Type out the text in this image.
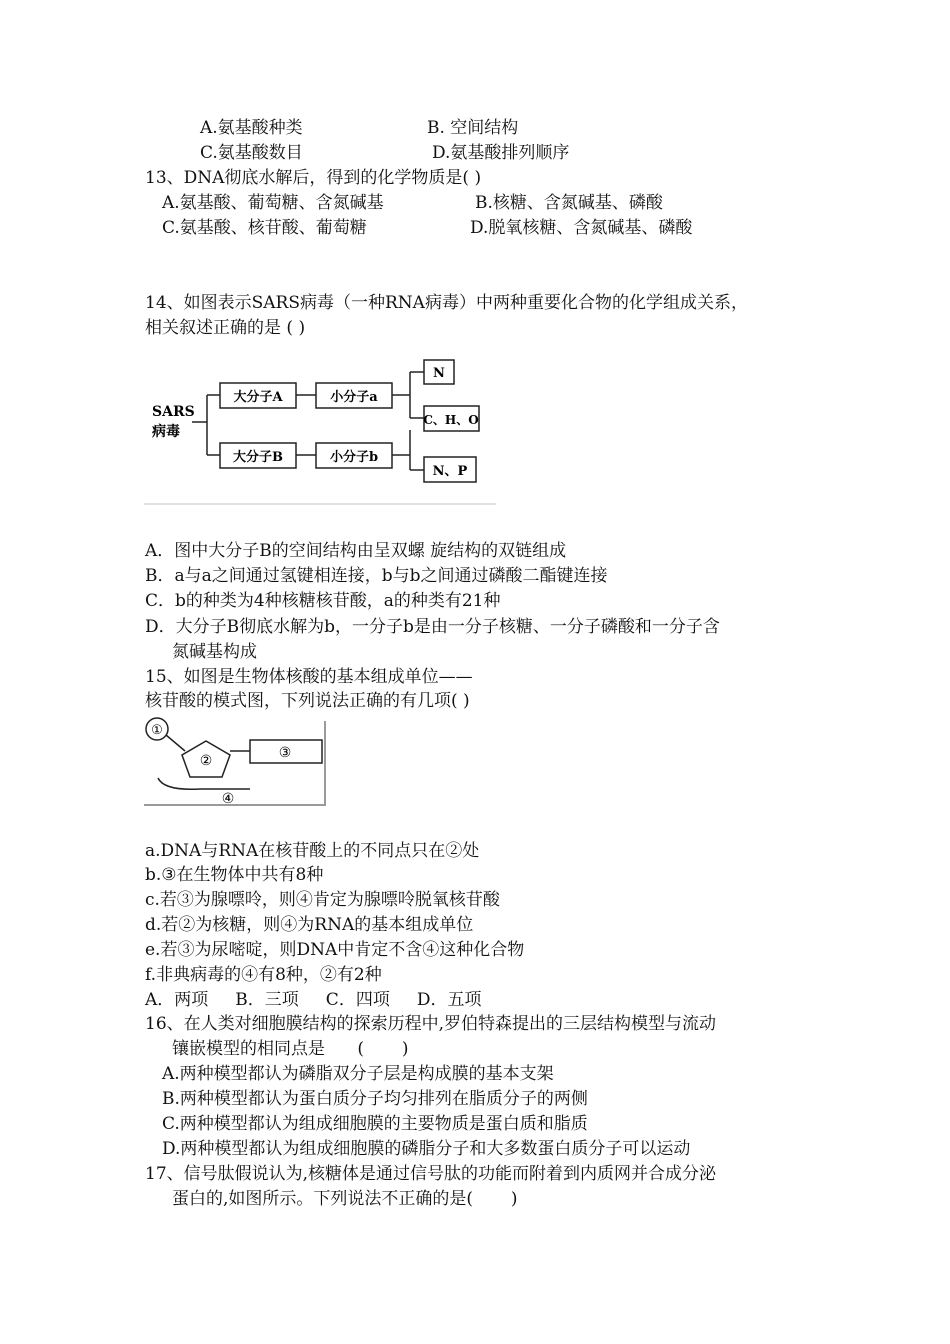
A.氨基酸种类	B. 空间结构
C.氨基酸数目	D.氨基酸排列顺序
13、DNA彻底水解后，得到的化学物质是( )
A.氨基酸、葡萄糖、含氮碱基	B.核糖、含氮碱基、磷酸
C.氨基酸、核苷酸、葡萄糖	D.脱氧核糖、含氮碱基、磷酸
14、如图表示SARS病毒（一种RNA病毒）中两种重要化合物的化学组成关系，
相关叙述正确的是 ( )
SARS
病毒
大分子A
大分子B
小分子a
小分子b
N
C、H、O
N、P
A．图中大分子B的空间结构由呈双螺 旋结构的双链组成
B．a与a之间通过氢键相连接，b与b之间通过磷酸二酯键连接
C．b的种类为4种核糖核苷酸，a的种类有21种
D．大分子B彻底水解为b，一分子b是由一分子核糖、一分子磷酸和一分子含
氮碱基构成
15、如图是生物体核酸的基本组成单位——
核苷酸的模式图，下列说法正确的有几项( )
①
②	③
④
a.DNA与RNA在核苷酸上的不同点只在②处
b.③在生物体中共有8种
c.若③为腺嘌呤，则④肯定为腺嘌呤脱氧核苷酸
d.若②为核糖，则④为RNA的基本组成单位
e.若③为尿嘧啶，则DNA中肯定不含④这种化合物
f.非典病毒的④有8种，②有2种
A．两项     B．三项     C．四项     D．五项
16、在人类对细胞膜结构的探索历程中,罗伯特森提出的三层结构模型与流动
镶嵌模型的相同点是      (       )
A.两种模型都认为磷脂双分子层是构成膜的基本支架
B.两种模型都认为蛋白质分子均匀排列在脂质分子的两侧
C.两种模型都认为组成细胞膜的主要物质是蛋白质和脂质
D.两种模型都认为组成细胞膜的磷脂分子和大多数蛋白质分子可以运动
17、信号肽假说认为,核糖体是通过信号肽的功能而附着到内质网并合成分泌
蛋白的,如图所示。下列说法不正确的是(       )
